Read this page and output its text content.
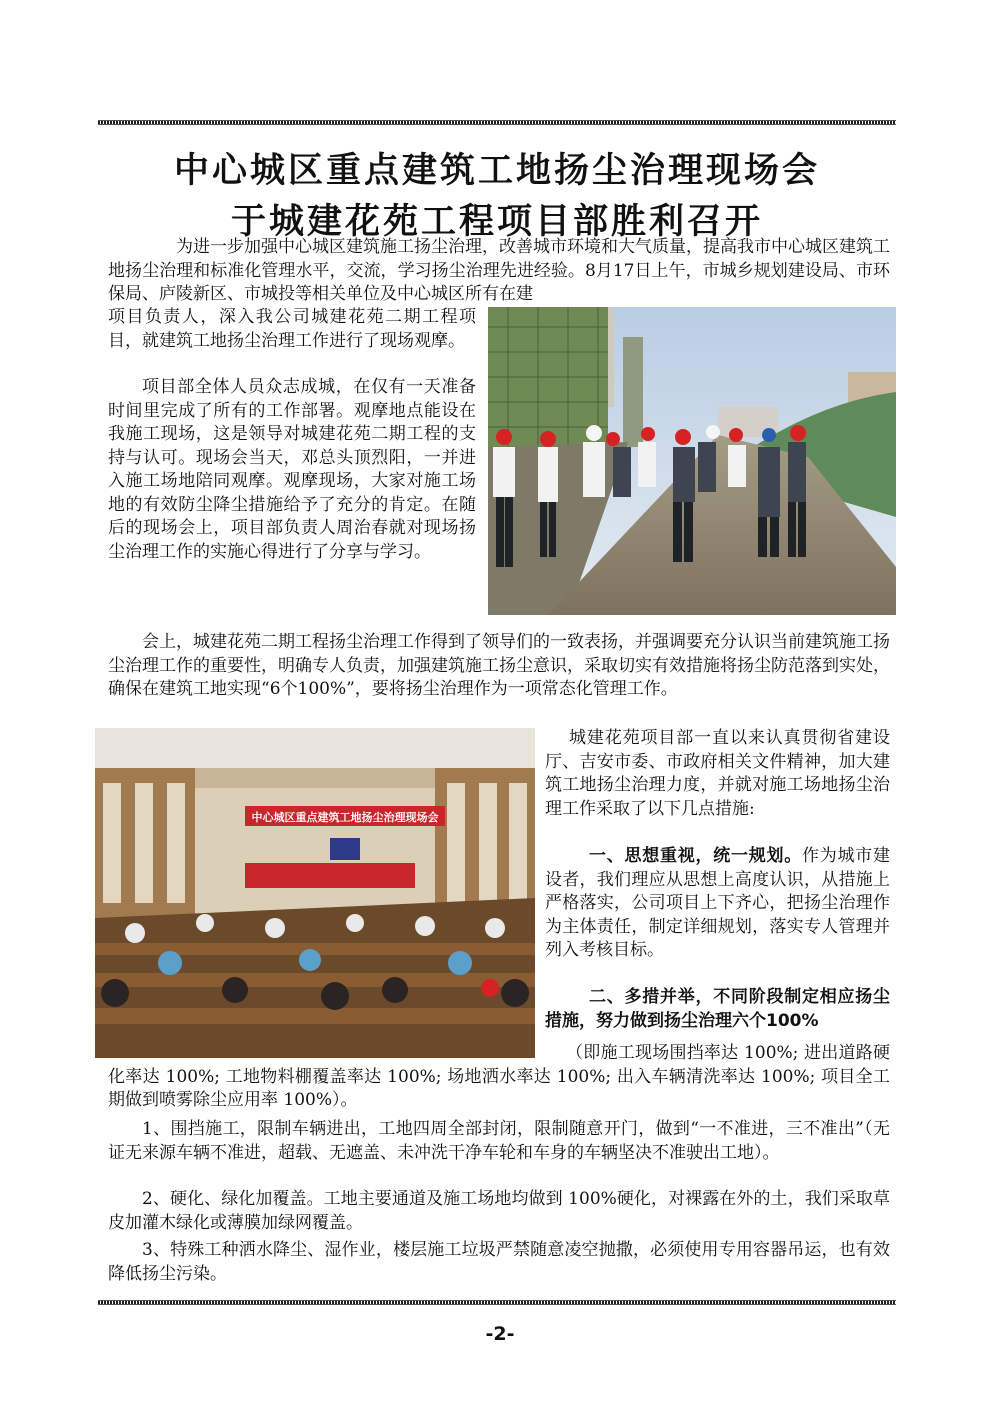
中心城区重点建筑工地扬尘治理现场会
于城建花苑工程项目部胜利召开

为进一步加强中心城区建筑施工扬尘治理，改善城市环境和大气质量，提高我市中心城区建筑工地扬尘治理和标准化管理水平，交流，学习扬尘治理先进经验。8月17日上午，市城乡规划建设局、市环保局、庐陵新区、市城投等相关单位及中心城区所有在建

项目负责人，深入我公司城建花苑二期工程项目，就建筑工地扬尘治理工作进行了现场观摩。

项目部全体人员众志成城，在仅有一天准备时间里完成了所有的工作部署。观摩地点能设在我施工现场，这是领导对城建花苑二期工程的支持与认可。现场会当天，邓总头顶烈阳，一并进入施工场地陪同观摩。观摩现场，大家对施工场地的有效防尘降尘措施给予了充分的肯定。在随后的现场会上，项目部负责人周治春就对现场扬尘治理工作的实施心得进行了分享与学习。

会上，城建花苑二期工程扬尘治理工作得到了领导们的一致表扬，并强调要充分认识当前建筑施工扬尘治理工作的重要性，明确专人负责，加强建筑施工扬尘意识，采取切实有效措施将扬尘防范落到实处，确保在建筑工地实现“6个100%”，要将扬尘治理作为一项常态化管理工作。

中心城区重点建筑工地扬尘治理现场会

城建花苑项目部一直以来认真贯彻省建设厅、吉安市委、市政府相关文件精神，加大建筑工地扬尘治理力度，并就对施工场地扬尘治理工作采取了以下几点措施:

一、思想重视，统一规划。作为城市建设者，我们理应从思想上高度认识，从措施上严格落实，公司项目上下齐心，把扬尘治理作为主体责任，制定详细规划，落实专人管理并列入考核目标。

二、多措并举，不同阶段制定相应扬尘措施，努力做到扬尘治理六个100%

（即施工现场围挡率达 100%; 进出道路硬化率达 100%; 工地物料棚覆盖率达 100%; 场地洒水率达 100%; 出入车辆清洗率达 100%; 项目全工期做到喷雾除尘应用率 100%）。

1、围挡施工，限制车辆进出，工地四周全部封闭，限制随意开门，做到“一不准进，三不准出”（无证无来源车辆不准进，超载、无遮盖、未冲洗干净车轮和车身的车辆坚决不准驶出工地）。

2、硬化、绿化加覆盖。工地主要通道及施工场地均做到 100%硬化，对裸露在外的土，我们采取草皮加灌木绿化或薄膜加绿网覆盖。

3、特殊工种洒水降尘、湿作业，楼层施工垃圾严禁随意凌空抛撒，必须使用专用容器吊运，也有效降低扬尘污染。

-2-
